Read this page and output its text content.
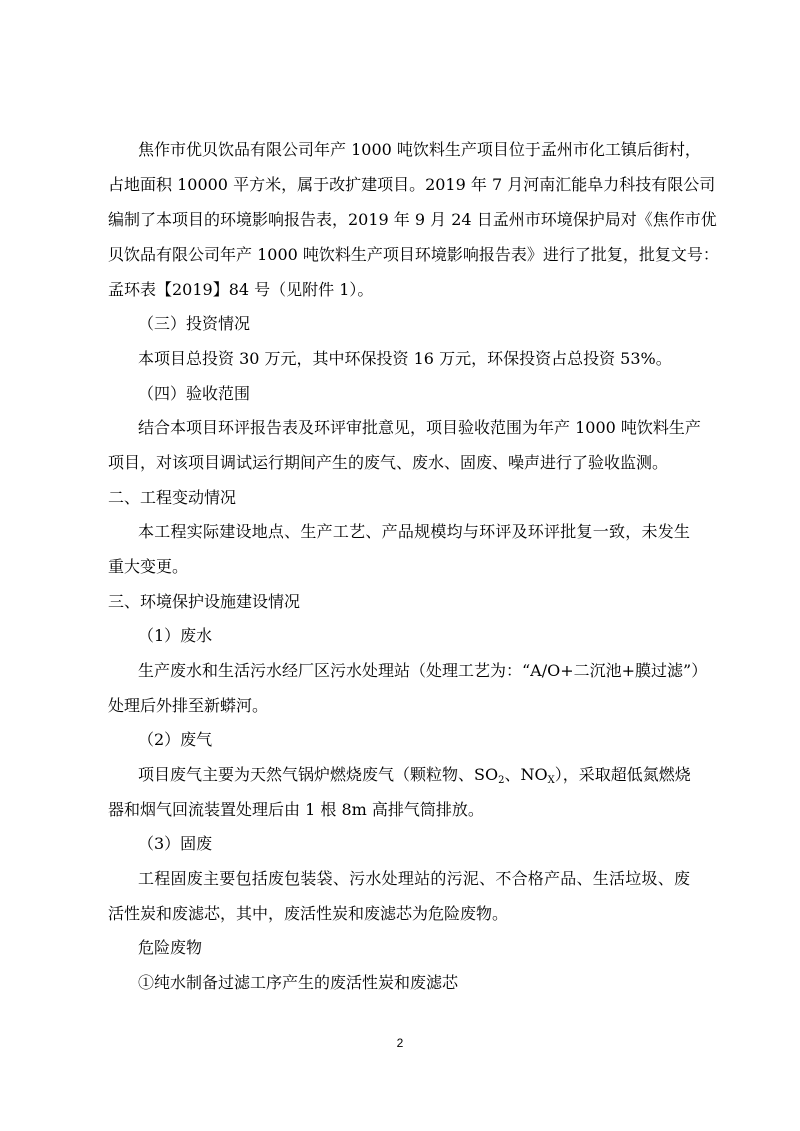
焦作市优贝饮品有限公司年产 1000 吨饮料生产项目位于孟州市化工镇后街村，
占地面积 10000 平方米，属于改扩建项目。2019 年 7 月河南汇能阜力科技有限公司
编制了本项目的环境影响报告表，2019 年 9 月 24 日孟州市环境保护局对《焦作市优
贝饮品有限公司年产 1000 吨饮料生产项目环境影响报告表》进行了批复，批复文号：
孟环表【2019】84 号（见附件 1）。
（三）投资情况
本项目总投资 30 万元，其中环保投资 16 万元，环保投资占总投资 53%。
（四）验收范围
结合本项目环评报告表及环评审批意见，项目验收范围为年产 1000 吨饮料生产
项目，对该项目调试运行期间产生的废气、废水、固废、噪声进行了验收监测。
二、工程变动情况
本工程实际建设地点、生产工艺、产品规模均与环评及环评批复一致，未发生
重大变更。
三、环境保护设施建设情况
（1）废水
生产废水和生活污水经厂区污水处理站（处理工艺为：“A/O+二沉池+膜过滤”）
处理后外排至新蟒河。
（2）废气
项目废气主要为天然气锅炉燃烧废气（颗粒物、$SO_2$、$NO_X$），采取超低氮燃烧
器和烟气回流装置处理后由 1 根 8m 高排气筒排放。
（3）固废
工程固废主要包括废包装袋、污水处理站的污泥、不合格产品、生活垃圾、废
活性炭和废滤芯，其中，废活性炭和废滤芯为危险废物。
危险废物
①纯水制备过滤工序产生的废活性炭和废滤芯
2
